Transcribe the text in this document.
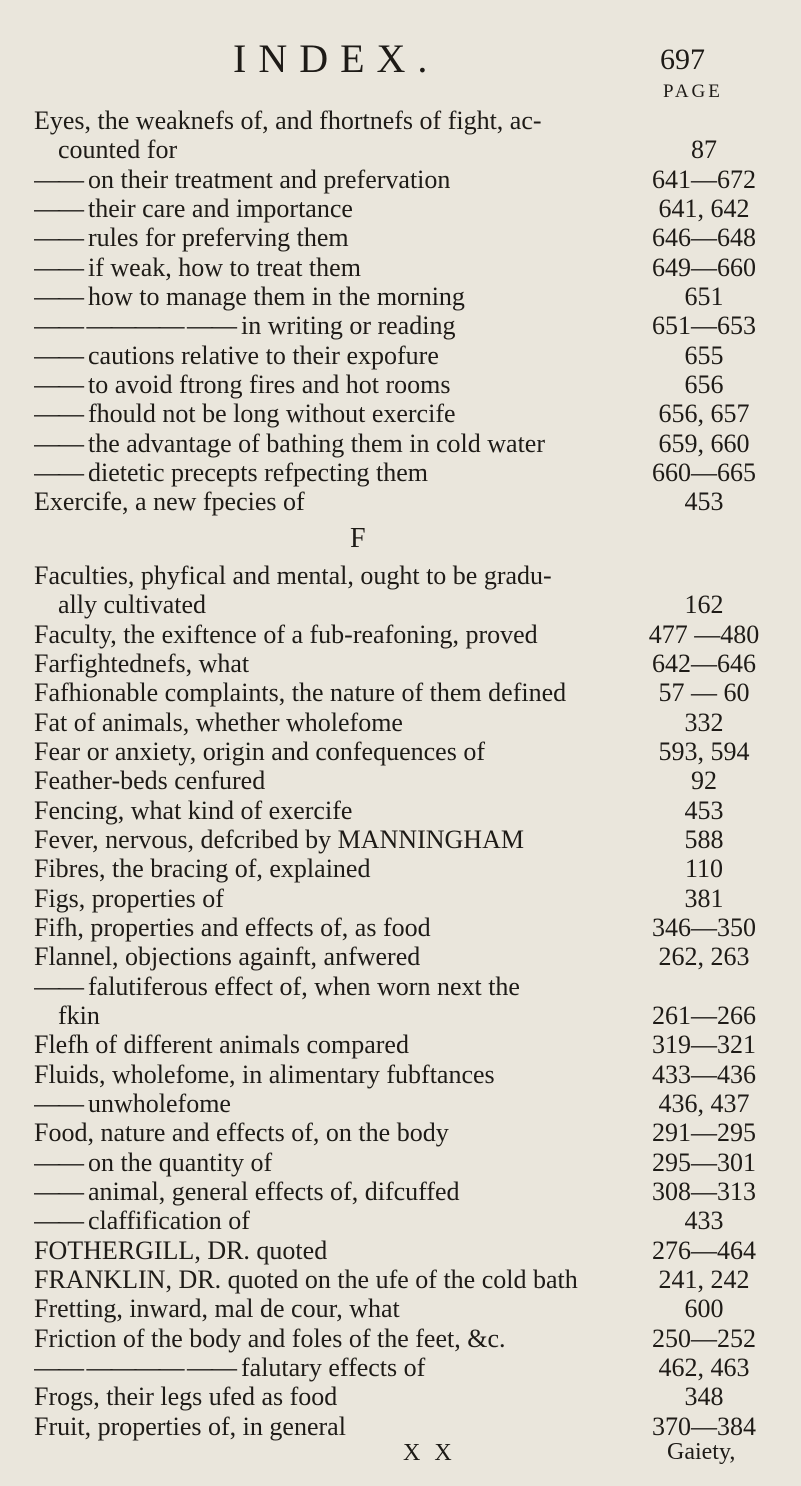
INDEX.	697
PAGE
Eyes, the weaknefs of, and fhortnefs of fight, ac-
counted for	87
—— on their treatment and prefervation	641—672
—— their care and importance	641, 642
—— rules for preferving them	646—648
—— if weak, how to treat them	649—660
—— how to manage them in the morning	651
—— ———— —— in writing or reading	651—653
—— cautions relative to their expofure	655
—— to avoid ftrong fires and hot rooms	656
—— fhould not be long without exercife	656, 657
—— the advantage of bathing them in cold water	659, 660
—— dietetic precepts refpecting them	660—665
Exercife, a new fpecies of	453
F
Faculties, phyfical and mental, ought to be gradu-
ally cultivated	162
Faculty, the exiftence of a fub-reafoning, proved	477 —480
Farfightednefs, what	642—646
Fafhionable complaints, the nature of them defined	57 — 60
Fat of animals, whether wholefome	332
Fear or anxiety, origin and confequences of	593, 594
Feather-beds cenfured	92
Fencing, what kind of exercife	453
Fever, nervous, defcribed by MANNINGHAM	588
Fibres, the bracing of, explained	110
Figs, properties of	381
Fifh, properties and effects of, as food	346—350
Flannel, objections againft, anfwered	262, 263
—— falutiferous effect of, when worn next the
fkin	261—266
Flefh of different animals compared	319—321
Fluids, wholefome, in alimentary fubftances	433—436
—— unwholefome	436, 437
Food, nature and effects of, on the body	291—295
—— on the quantity of	295—301
—— animal, general effects of, difcuffed	308—313
—— claffification of	433
FOTHERGILL, DR. quoted	276—464
FRANKLIN, DR. quoted on the ufe of the cold bath	241, 242
Fretting, inward, mal de cour, what	600
Friction of the body and foles of the feet, &c.	250—252
—— ———— —— falutary effects of	462, 463
Frogs, their legs ufed as food	348
Fruit, properties of, in general	370—384
X X	Gaiety,
